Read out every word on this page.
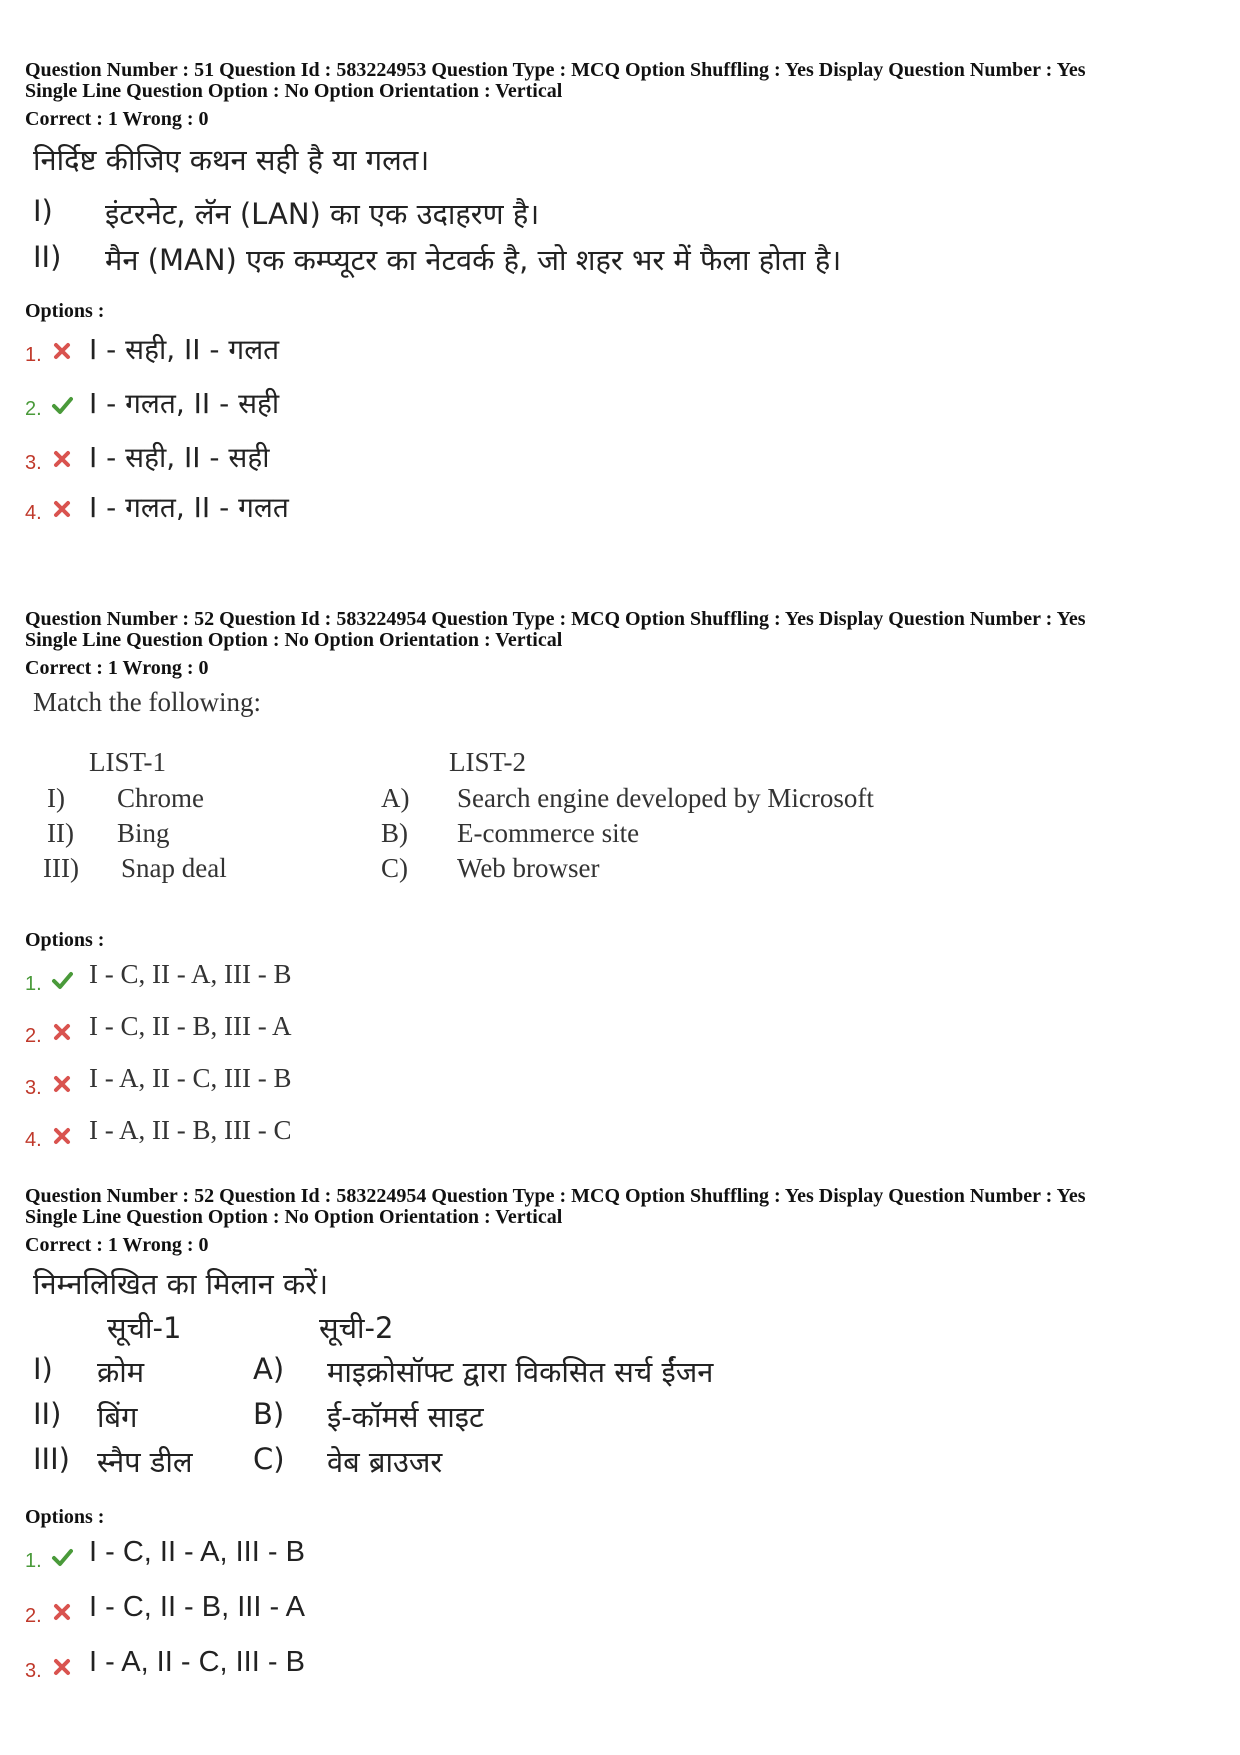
Question Number : 51 Question Id : 583224953 Question Type : MCQ Option Shuffling : Yes Display Question Number : Yes

Single Line Question Option : No Option Orientation : Vertical

Correct : 1 Wrong : 0

निर्दिष्ट कीजिए कथन सही है या गलत।
I) इंटरनेट, लॅन (LAN) का एक उदाहरण है।
II) मैन (MAN) एक कम्प्यूटर का नेटवर्क है, जो शहर भर में फैला होता है।

Options :

1. I - सही, II - गलत
2. I - गलत, II - सही
3. I - सही, II - सही
4. I - गलत, II - गलत

Question Number : 52 Question Id : 583224954 Question Type : MCQ Option Shuffling : Yes Display Question Number : Yes

Single Line Question Option : No Option Orientation : Vertical

Correct : 1 Wrong : 0

Match the following:
LIST-1	LIST-2
I) Chrome	A) Search engine developed by Microsoft
II) Bing	B) E-commerce site
III) Snap deal	C) Web browser

Options :

1. I - C, II - A, III - B
2. I - C, II - B, III - A
3. I - A, II - C, III - B
4. I - A, II - B, III - C

Question Number : 52 Question Id : 583224954 Question Type : MCQ Option Shuffling : Yes Display Question Number : Yes

Single Line Question Option : No Option Orientation : Vertical

Correct : 1 Wrong : 0

निम्नलिखित का मिलान करें।
सूची-1	सूची-2
I) क्रोम	A) माइक्रोसॉफ्ट द्वारा विकसित सर्च ईंजन
II) बिंग	B) ई-कॉमर्स साइट
III) स्नैप डील C) वेब ब्राउजर

Options :

1. I - C, II - A, III - B
2. I - C, II - B, III - A
3. I - A, II - C, III - B
